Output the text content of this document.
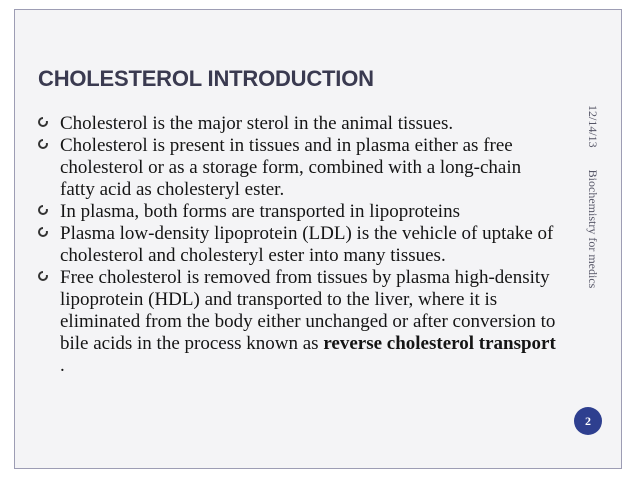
CHOLESTEROL INTRODUCTION
Cholesterol is the major sterol in the animal tissues.
Cholesterol is present in tissues and in plasma either as free cholesterol or as a storage form, combined with a long-chain fatty acid as cholesteryl ester.
In plasma, both forms are transported in lipoproteins
Plasma low-density lipoprotein (LDL) is the vehicle of uptake of cholesterol and cholesteryl ester into many tissues.
Free cholesterol is removed from tissues by plasma high-density lipoprotein (HDL) and transported to the liver, where it is eliminated from the body either unchanged or after conversion to bile acids in the process known as reverse cholesterol transport .
12/14/13Biochemistry for medics
2
